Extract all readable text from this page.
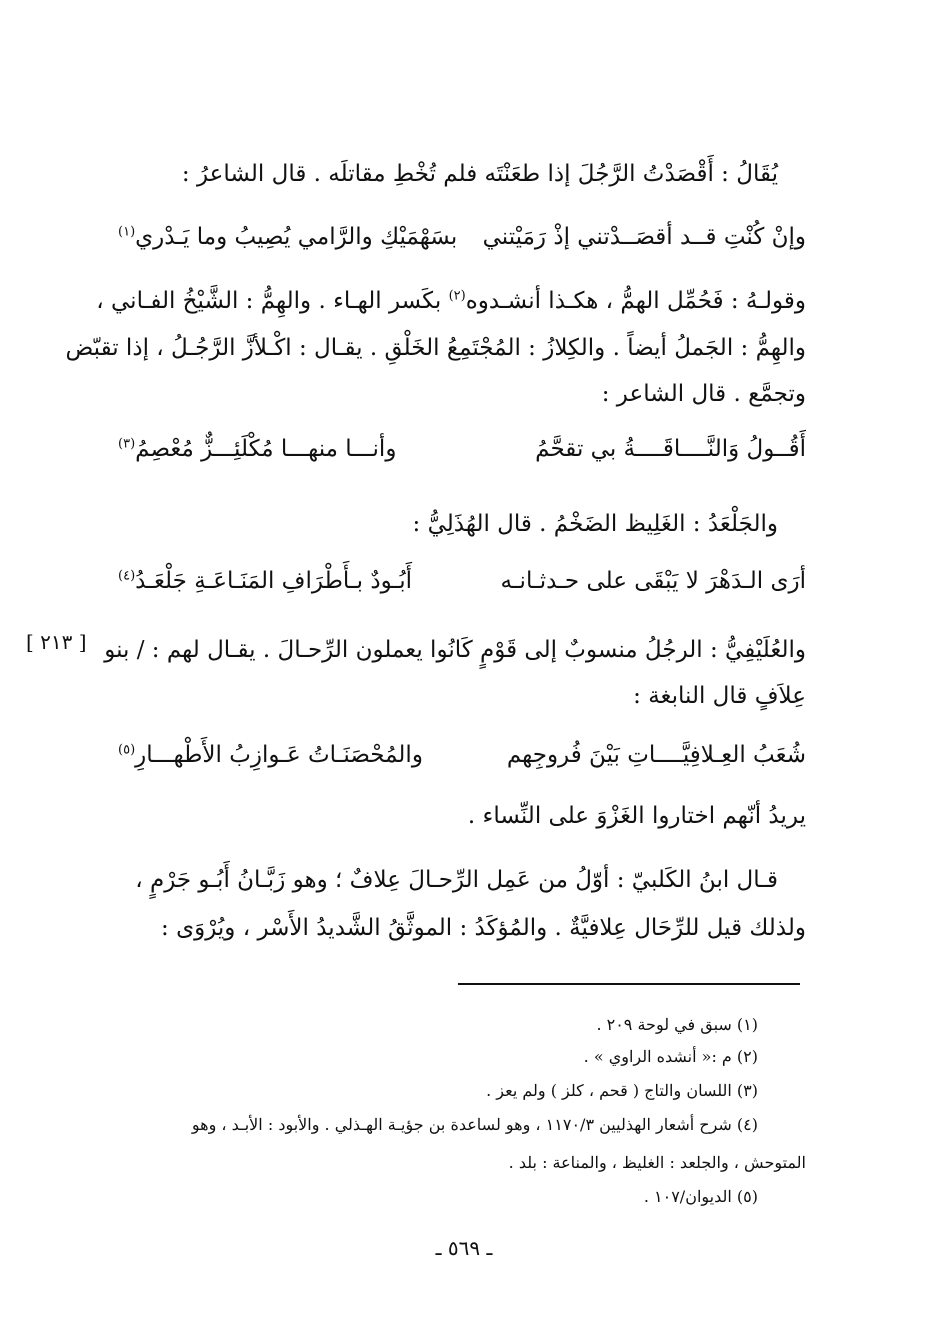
يُقَالُ : أَقْصَدْتُ الرَّجُلَ إذا طعَنْتَه فلم تُخْطِ مقاتلَه . قال الشاعرُ :
وإنْ كُنْتِ قــد أقصَــدْتني إذْ رَمَيْتني
بسَهْمَيْكِ والرَّامي يُصِيبُ وما يَـدْري$^{(١)}$
وقولـهُ : فَحُمِّل الهمُّ ، هكـذا أنشـدوه$^{(٢)}$ بكَسر الهـاء . والهِمُّ : الشَّيْخُ الفـاني ،
والهِمُّ : الجَملُ أيضاً . والكِلازُ : المُجْتَمِعُ الخَلْقِ . يقـال : اكْـلأزَّ الرَّجُـلُ ، إذا تقبّض
وتجمَّع . قال الشاعر :
أَقُــولُ وَالنَّــــاقَــــةُ بي تقحَّمُ
وأنـــا منهـــا مُكْلَئِـــزٌّ مُعْصِمُ$^{(٣)}$
والجَلْعَدُ : الغَلِيظ الضَخْمُ . قال الهُذَلِيُّ :
أرَى الـدَهْرَ لا يَبْقَى على حـدثـانـه
أَبُـودٌ بـأَطْرَافِ المَنَـاعَـةِ جَلْعَـدُ$^{(٤)}$
والعُلَيْفِيُّ : الرجُلُ منسوبٌ إلى قَوْمٍ كَانُوا يعملون الرِّحـالَ . يقـال لهم : / بنو
[ ٢١٣ ]
عِلاَفٍ قال النابغة :
شُعَبُ العِـلافِيَّــــاتِ بَيْنَ فُروجِهم
والمُحْصَنَـاتُ عَـوازِبُ الأَطْهـــارِ$^{(٥)}$
يريدُ أنّهم اختاروا الغَزْوَ على النِّساء .
قـال ابنُ الكَلبيّ : أوّلُ من عَمِل الرِّحـالَ عِلافٌ ؛ وهو زَبَّـانُ أَبُـو جَرْمٍ ،
ولذلك قيل للرِّحَال عِلافيَّةٌ . والمُؤكَدُ : الموثَّقُ الشَّديدُ الأَسْر ، ويُرْوَى :
(١) سبق في لوحة ٢٠٩ .
(٢) م :« أنشده الراوي » .
(٣) اللسان والتاج ( قحم ، كلز ) ولم يعز .
(٤) شرح أشعار الهذليين ١١٧٠/٣ ، وهو لساعدة بن جؤيـة الهـذلي . والأبود : الأبـد ، وهو
المتوحش ، والجلعد : الغليظ ، والمناعة : بلد .
(٥) الديوان/١٠٧ .
ـ ٥٦٩ ـ
